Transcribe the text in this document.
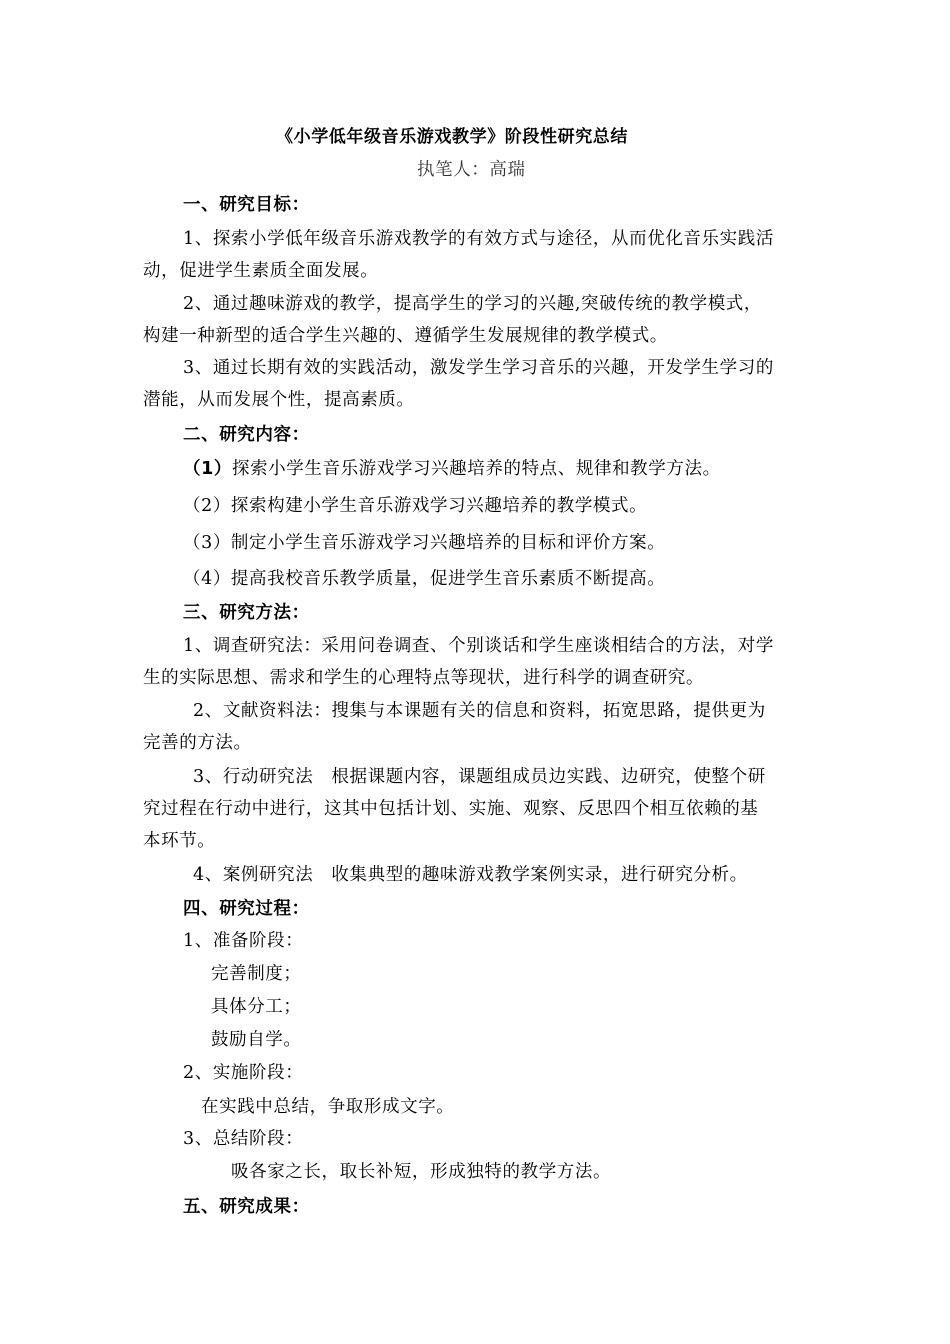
《小学低年级音乐游戏教学》阶段性研究总结
执笔人：高瑞
一、研究目标：
1、探索小学低年级音乐游戏教学的有效方式与途径，从而优化音乐实践活
动，促进学生素质全面发展。
2、通过趣味游戏的教学，提高学生的学习的兴趣,突破传统的教学模式，
构建一种新型的适合学生兴趣的、遵循学生发展规律的教学模式。
3、通过长期有效的实践活动，激发学生学习音乐的兴趣，开发学生学习的
潜能，从而发展个性，提高素质。
二、研究内容：
（1）探索小学生音乐游戏学习兴趣培养的特点、规律和教学方法。
（2）探索构建小学生音乐游戏学习兴趣培养的教学模式。
（3）制定小学生音乐游戏学习兴趣培养的目标和评价方案。
（4）提高我校音乐教学质量，促进学生音乐素质不断提高。
三、研究方法：
1、调查研究法：采用问卷调查、个别谈话和学生座谈相结合的方法，对学
生的实际思想、需求和学生的心理特点等现状，进行科学的调查研究。
2、文献资料法：搜集与本课题有关的信息和资料，拓宽思路，提供更为
完善的方法。
3、行动研究法　根据课题内容，课题组成员边实践、边研究，使整个研
究过程在行动中进行，这其中包括计划、实施、观察、反思四个相互依赖的基
本环节。
4、案例研究法　收集典型的趣味游戏教学案例实录，进行研究分析。
四、研究过程：
1、准备阶段：
完善制度；
具体分工；
鼓励自学。
2、实施阶段：
在实践中总结，争取形成文字。
3、总结阶段：
吸各家之长，取长补短，形成独特的教学方法。
五、研究成果：
